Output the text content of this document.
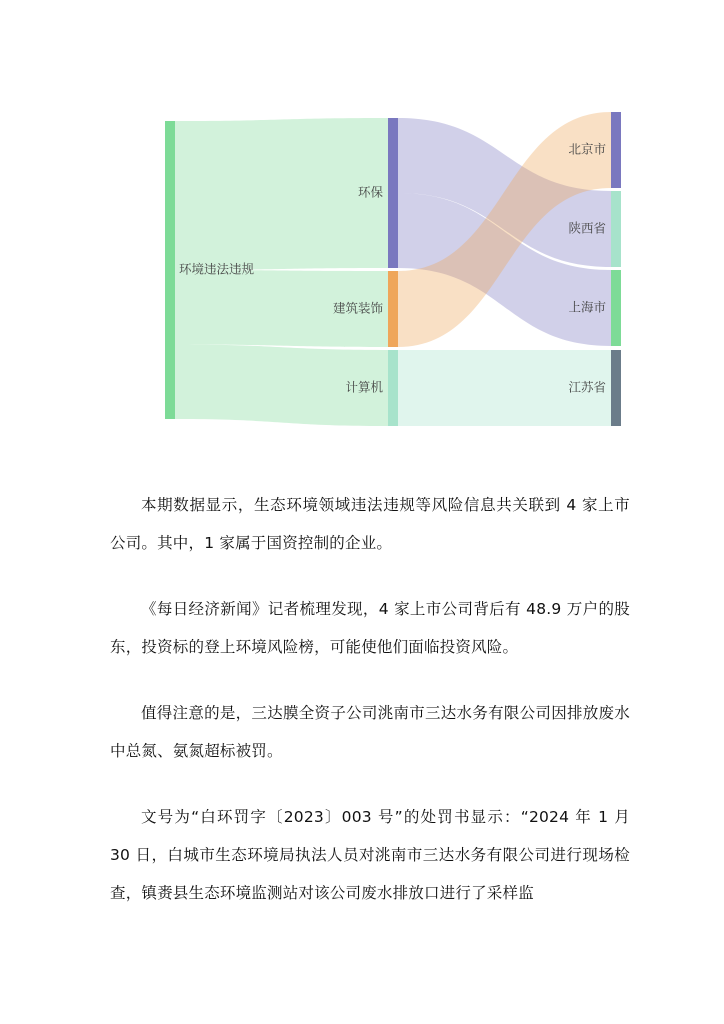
环境违法违规
环保
建筑装饰
计算机
北京市
陕西省
上海市
江苏省

本期数据显示，生态环境领域违法违规等风险信息共关联到 4 家上市公司。其中，1 家属于国资控制的企业。

《每日经济新闻》记者梳理发现，4 家上市公司背后有 48.9 万户的股东，投资标的登上环境风险榜，可能使他们面临投资风险。

值得注意的是，三达膜全资子公司洮南市三达水务有限公司因排放废水中总氮、氨氮超标被罚。

文号为“白环罚字〔2023〕003 号”的处罚书显示：“2024 年 1 月 30 日，白城市生态环境局执法人员对洮南市三达水务有限公司进行现场检查，镇赉县生态环境监测站对该公司废水排放口进行了采样监
